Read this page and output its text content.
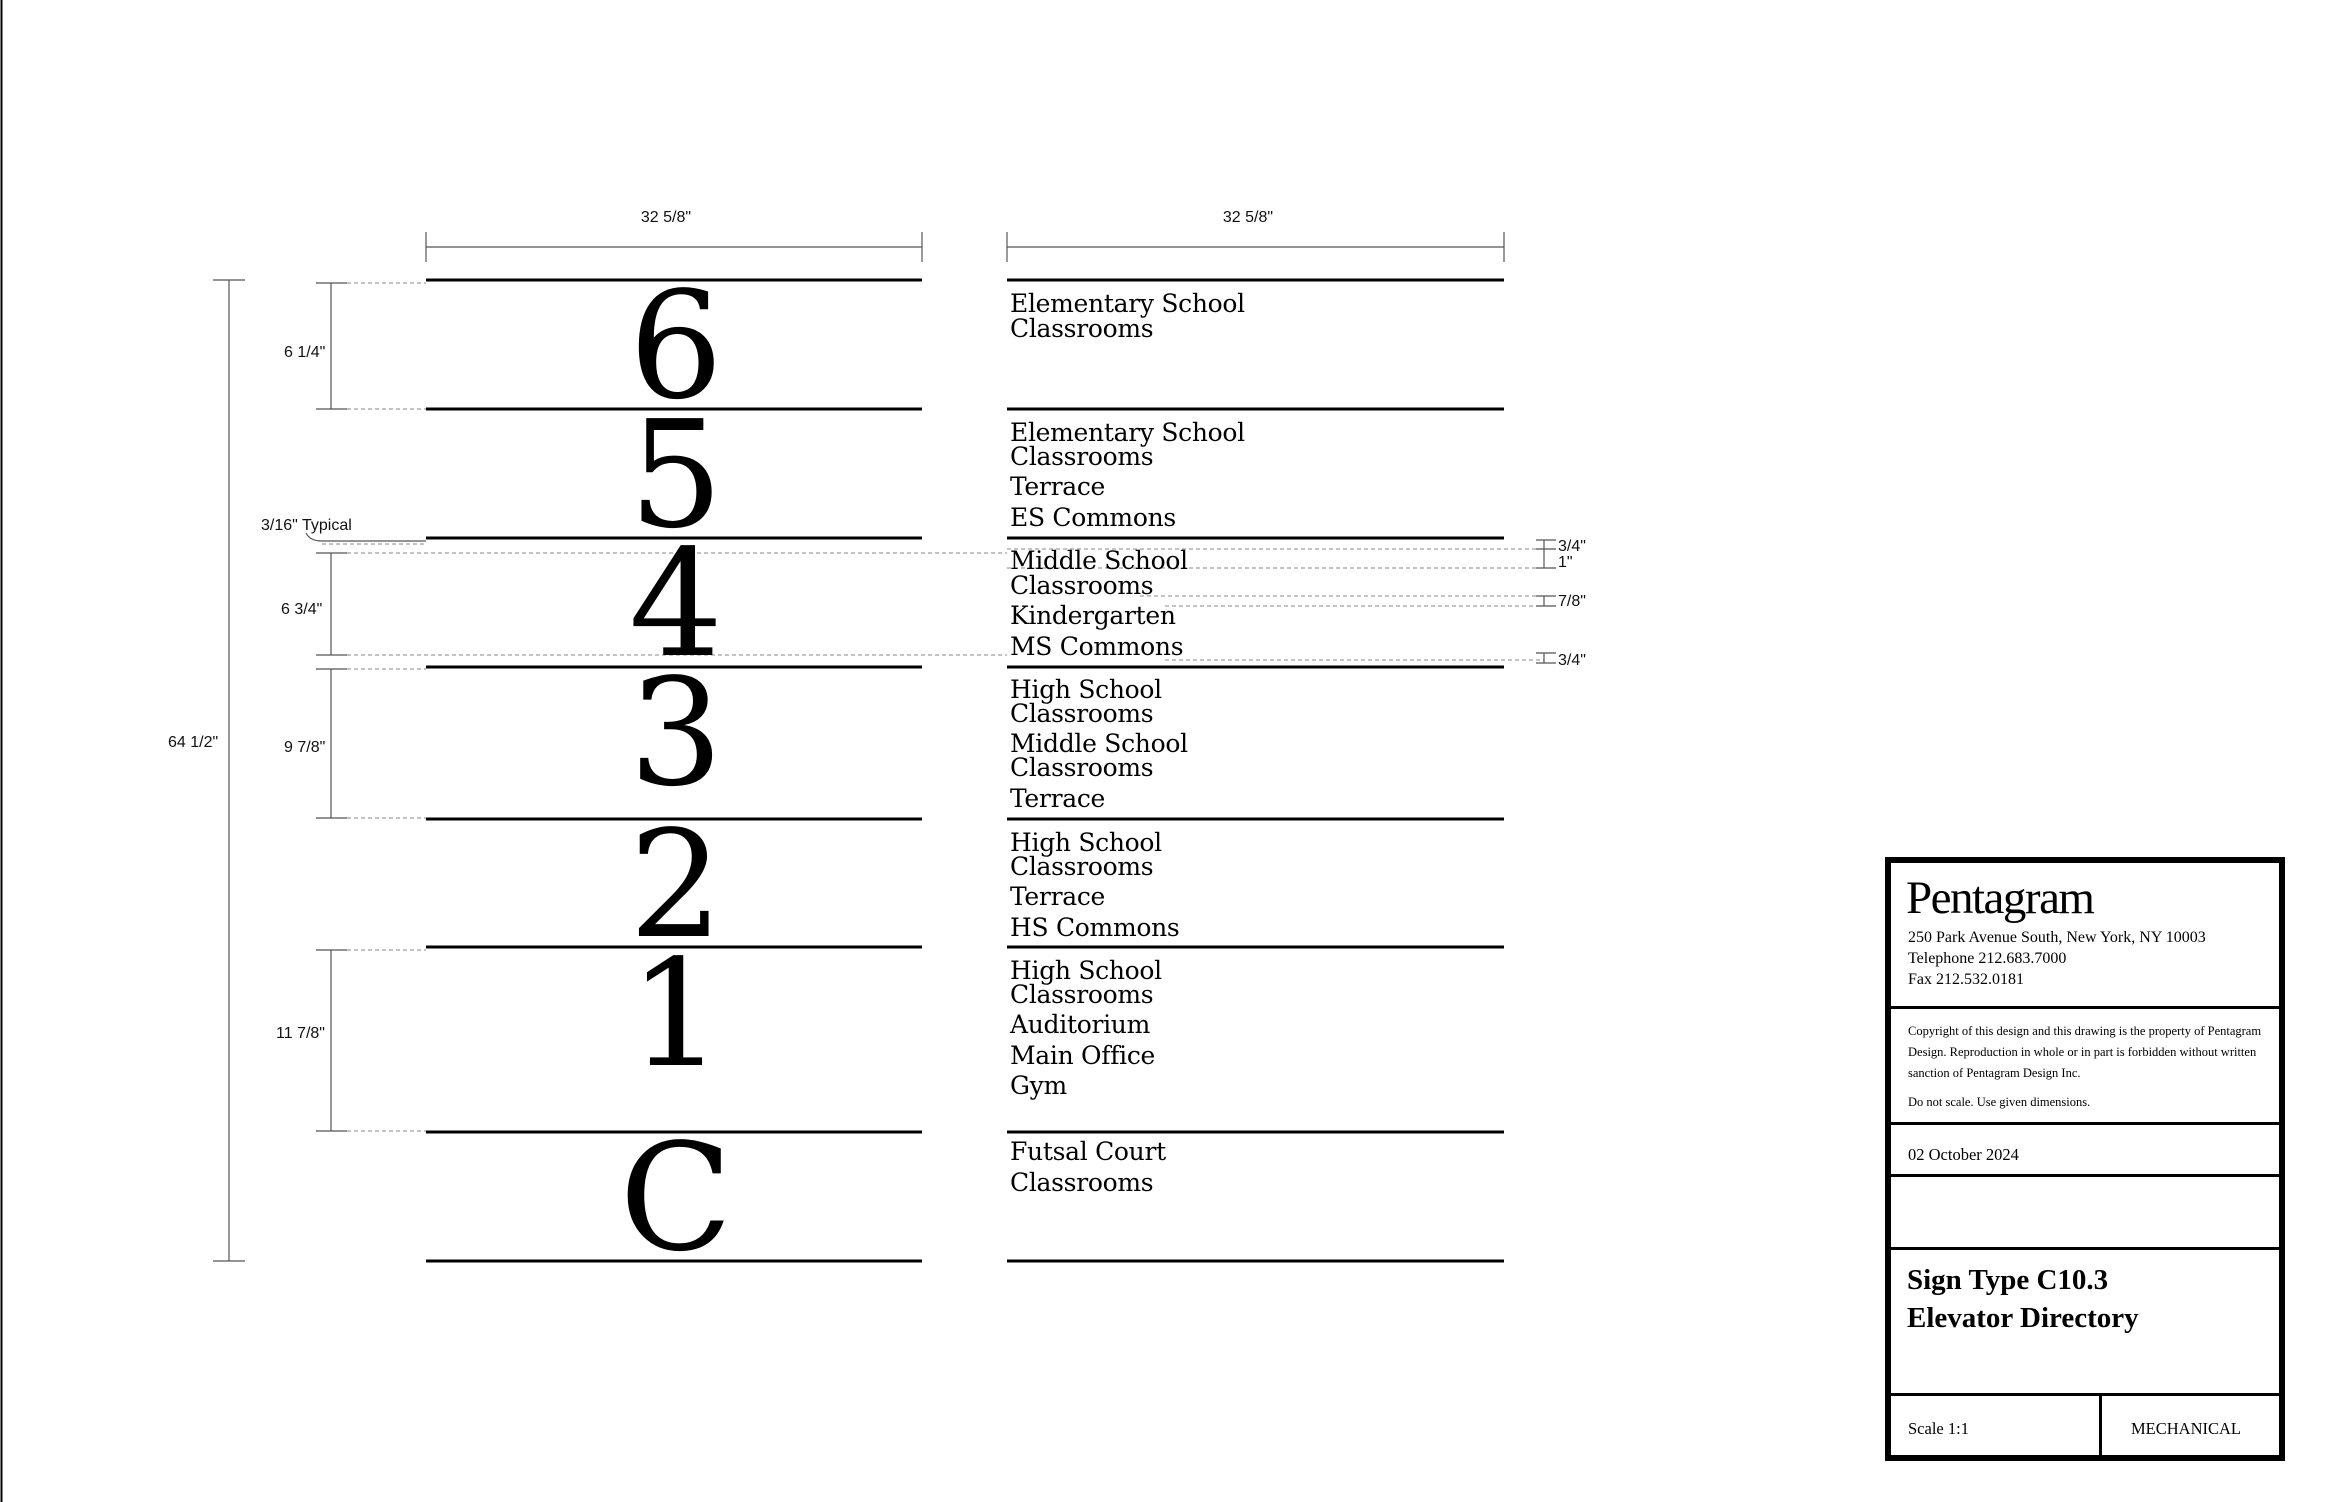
32 5/8"	32 5/8"
64 1/2"
6 1/4"
3/16" Typical
6 3/4"
9 7/8"
11 7/8"
3/4"
1"
7/8"
3/4"
6
5
4
3
2
1
C
Elementary School
Classrooms
Elementary School
Classrooms
Terrace
ES Commons
Middle School
Classrooms
Kindergarten
MS Commons
High School
Classrooms
Middle School
Classrooms
Terrace
High School
Classrooms
Terrace
HS Commons
High School
Classrooms
Auditorium
Main Office
Gym
Futsal Court
Classrooms
Pentagram
250 Park Avenue South, New York, NY 10003
Telephone 212.683.7000
Fax 212.532.0181
Copyright of this design and this drawing is the property of Pentagram Design. Reproduction in whole or in part is forbidden without written sanction of Pentagram Design Inc.
Do not scale. Use given dimensions.
02 October 2024
Sign Type C10.3
Elevator Directory
Scale 1:1	MECHANICAL
